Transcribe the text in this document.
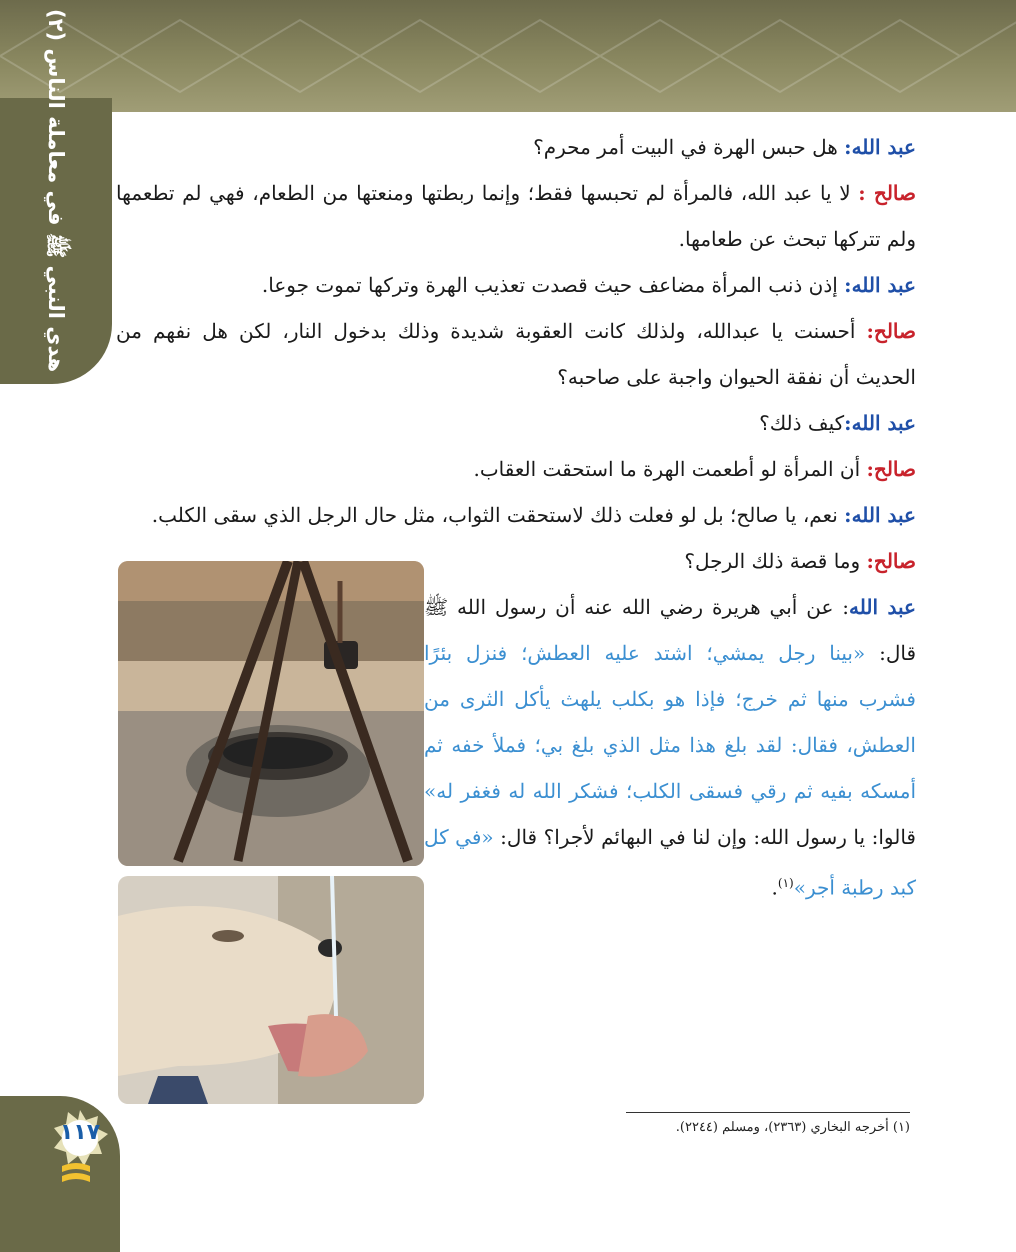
هدي النبي ﷺ في معاملة الناس (٢)
١١٧
عبد الله: هل حبس الهرة في البيت أمر محرم؟
صالح : لا يا عبد الله، فالمرأة لم تحبسها فقط؛ وإنما ربطتها ومنعتها من الطعام، فهي لم تطعمها ولم تتركها تبحث عن طعامها.
عبد الله: إذن ذنب المرأة مضاعف حيث قصدت تعذيب الهرة وتركها تموت جوعا.
صالح: أحسنت يا عبدالله، ولذلك كانت العقوبة شديدة وذلك بدخول النار، لكن هل نفهم من الحديث أن نفقة الحيوان واجبة على صاحبه؟
عبد الله:كيف ذلك؟
صالح: أن المرأة لو أطعمت الهرة ما استحقت العقاب.
عبد الله: نعم، يا صالح؛ بل لو فعلت ذلك لاستحقت الثواب، مثل حال الرجل الذي سقى الكلب.
صالح: وما قصة ذلك الرجل؟
عبد الله: عن أبي هريرة رضي الله عنه أن رسول الله ﷺ قال: «بينا رجل يمشي؛ اشتد عليه العطش؛ فنزل بئرًا فشرب منها ثم خرج؛ فإذا هو بكلب يلهث يأكل الثرى من العطش، فقال: لقد بلغ هذا مثل الذي بلغ بي؛ فملأ خفه ثم أمسكه بفيه ثم رقي فسقى الكلب؛ فشكر الله له فغفر له» قالوا: يا رسول الله: وإن لنا في البهائم لأجرا؟ قال: «في كل كبد رطبة أجر»$^{(١)}$.
(١) أخرجه البخاري (٢٣٦٣)، ومسلم (٢٢٤٤).
